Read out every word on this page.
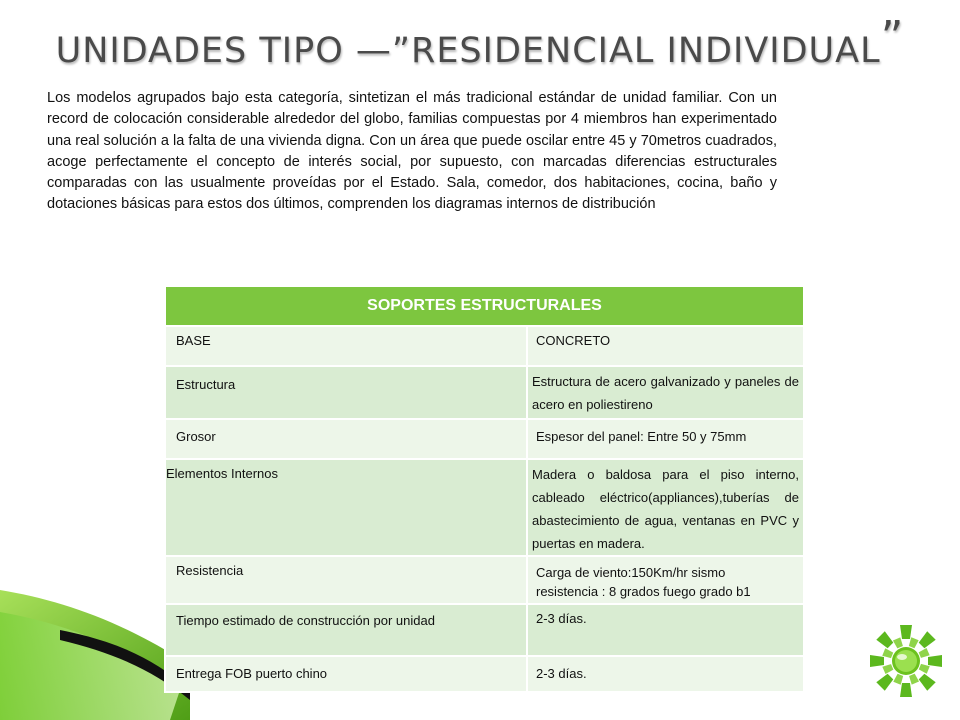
UNIDADES TIPO —”RESIDENCIAL INDIVIDUAL”
Los modelos agrupados bajo esta categoría, sintetizan el más tradicional estándar de unidad familiar. Con un record de colocación considerable alrededor del globo, familias compuestas por 4 miembros han experimentado una real solución a la falta de una vivienda digna. Con un área que puede oscilar entre 45 y 70metros cuadrados, acoge perfectamente el concepto de interés social, por supuesto, con marcadas diferencias estructurales comparadas con las usualmente proveídas por el Estado. Sala, comedor, dos habitaciones, cocina, baño y dotaciones básicas para estos dos últimos, comprenden los diagramas internos de distribución
SOPORTES ESTRUCTURALES	
BASE	CONCRETO
Estructura	Estructura de acero galvanizado y paneles de acero en poliestireno
Grosor	Espesor del panel: Entre 50 y 75mm
Elementos Internos	Madera o baldosa para el piso interno, cableado eléctrico(appliances),tuberías de abastecimiento de agua, ventanas en PVC y puertas en madera.
Resistencia	Carga de viento:150Km/hr sismo
resistencia : 8 grados fuego grado b1

Tiempo estimado de construcción por unidad	2-3 días.
Entrega FOB puerto chino	2-3 días.
